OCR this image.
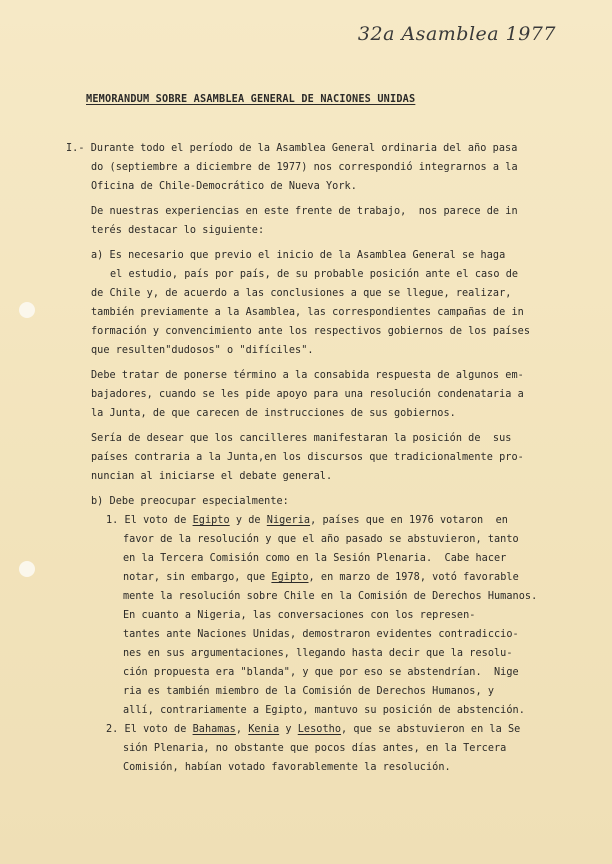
32a Asamblea 1977
MEMORANDUM SOBRE ASAMBLEA GENERAL DE NACIONES UNIDAS
I.- Durante todo el período de la Asamblea General ordinaria del año pasa
do (septiembre a diciembre de 1977) nos correspondió integrarnos a la
Oficina de Chile-Democrático de Nueva York.
De nuestras experiencias en este frente de trabajo,  nos parece de in
terés destacar lo siguiente:
a) Es necesario que previo el inicio de la Asamblea General se haga
el estudio, país por país, de su probable posición ante el caso de
de Chile y, de acuerdo a las conclusiones a que se llegue, realizar,
también previamente a la Asamblea, las correspondientes campañas de in
formación y convencimiento ante los respectivos gobiernos de los países
que resulten"dudosos" o "difíciles".
Debe tratar de ponerse término a la consabida respuesta de algunos em-
bajadores, cuando se les pide apoyo para una resolución condenataria a
la Junta, de que carecen de instrucciones de sus gobiernos.
Sería de desear que los cancilleres manifestaran la posición de  sus
países contraria a la Junta,en los discursos que tradicionalmente pro-
nuncian al iniciarse el debate general.
b) Debe preocupar especialmente:
1. El voto de Egipto y de Nigeria, países que en 1976 votaron  en
favor de la resolución y que el año pasado se abstuvieron, tanto
en la Tercera Comisión como en la Sesión Plenaria.  Cabe hacer
notar, sin embargo, que Egipto, en marzo de 1978, votó favorable
mente la resolución sobre Chile en la Comisión de Derechos Humanos.
En cuanto a Nigeria, las conversaciones con los represen-
tantes ante Naciones Unidas, demostraron evidentes contradiccio-
nes en sus argumentaciones, llegando hasta decir que la resolu-
ción propuesta era "blanda", y que por eso se abstendrían.  Nige
ria es también miembro de la Comisión de Derechos Humanos, y
allí, contrariamente a Egipto, mantuvo su posición de abstención.
2. El voto de Bahamas, Kenia y Lesotho, que se abstuvieron en la Se
sión Plenaria, no obstante que pocos días antes, en la Tercera
Comisión, habían votado favorablemente la resolución.
